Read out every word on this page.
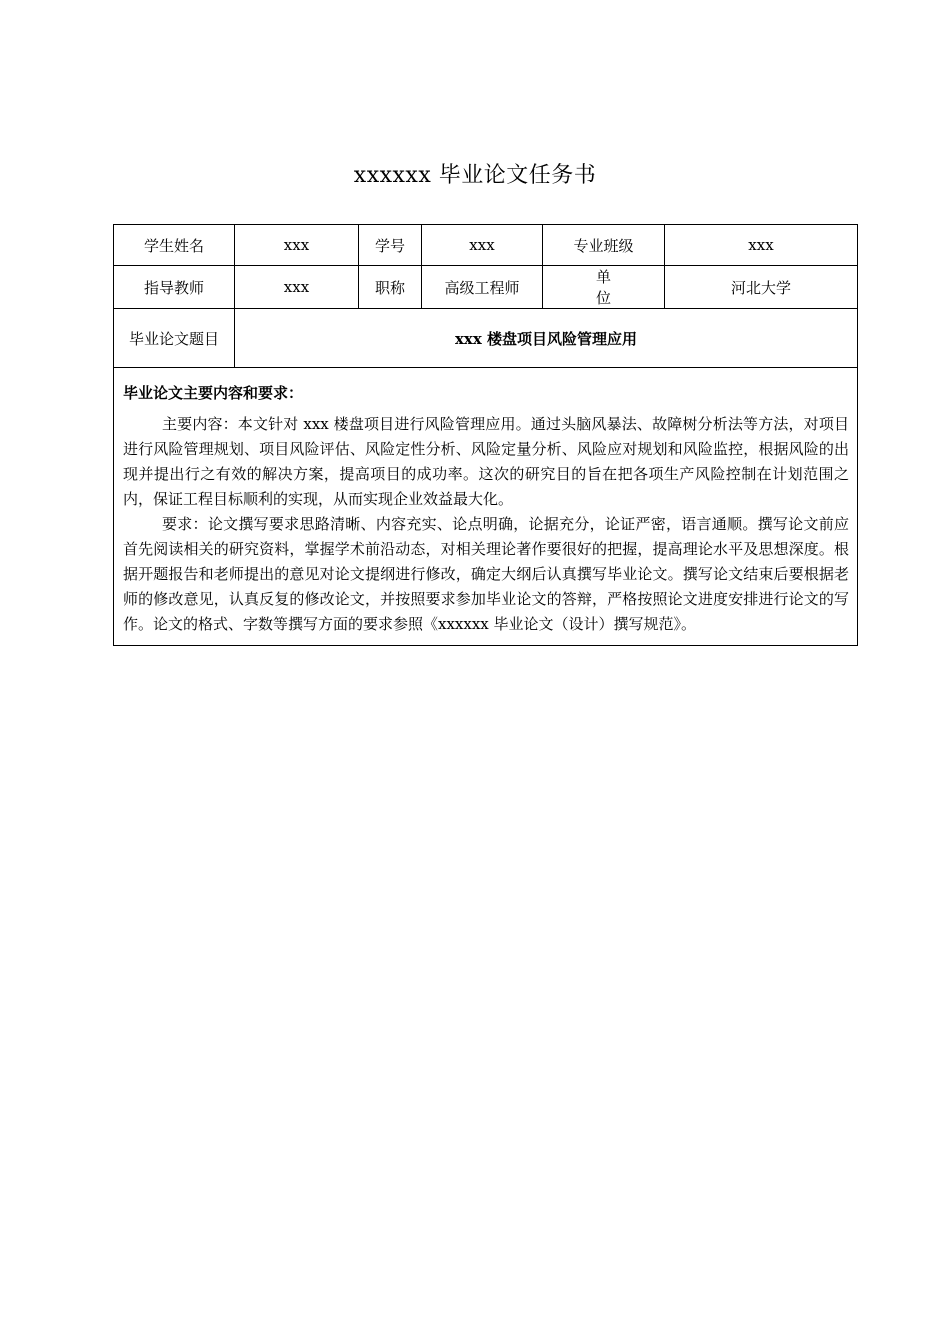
xxxxxx 毕业论文任务书
学生姓名	xxx	学号	xxx	专业班级	xxx
指导教师	xxx	职称	高级工程师	单位	河北大学
毕业论文题目	xxx 楼盘项目风险管理应用				

毕业论文主要内容和要求：

主要内容：本文针对 xxx 楼盘项目进行风险管理应用。通过头脑风暴法、故障树分析法等方法，对项目进行风险管理规划、项目风险评估、风险定性分析、风险定量分析、风险应对规划和风险监控，根据风险的出现并提出行之有效的解决方案，提高项目的成功率。这次的研究目的旨在把各项生产风险控制在计划范围之内，保证工程目标顺利的实现，从而实现企业效益最大化。

要求：论文撰写要求思路清晰、内容充实、论点明确，论据充分，论证严密，语言通顺。撰写论文前应首先阅读相关的研究资料，掌握学术前沿动态，对相关理论著作要很好的把握，提高理论水平及思想深度。根据开题报告和老师提出的意见对论文提纲进行修改，确定大纲后认真撰写毕业论文。撰写论文结束后要根据老师的修改意见，认真反复的修改论文，并按照要求参加毕业论文的答辩，严格按照论文进度安排进行论文的写作。论文的格式、字数等撰写方面的要求参照《xxxxxx 毕业论文（设计）撰写规范》。					
